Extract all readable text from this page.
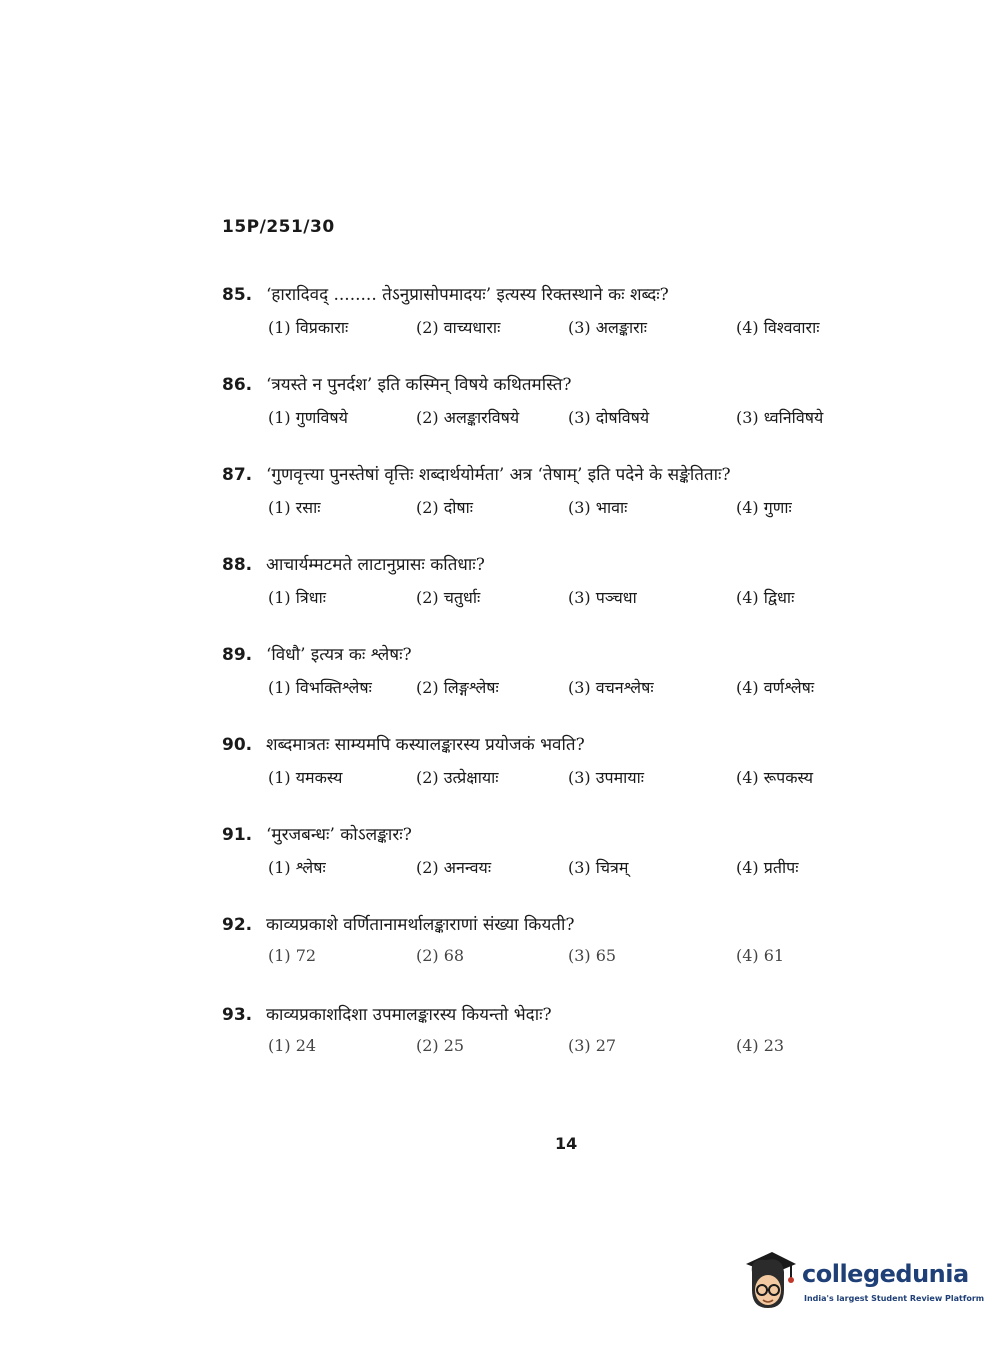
15P/251/30
85. ‘हारादिवद् ........ तेऽनुप्रासोपमादयः’ इत्यस्य रिक्तस्थाने कः शब्दः?
(1) विप्रकाराः	(2) वाच्यधाराः	(3) अलङ्काराः	(4) विश्ववाराः
86. ‘त्रयस्ते न पुनर्दश’ इति कस्मिन् विषये कथितमस्ति?
(1) गुणविषये	(2) अलङ्कारविषये	(3) दोषविषये	(3) ध्वनिविषये
87. ‘गुणवृत्त्या पुनस्तेषां वृत्तिः शब्दार्थयोर्मता’ अत्र ‘तेषाम्’ इति पदेने के सङ्केतिताः?
(1) रसाः	(2) दोषाः	(3) भावाः	(4) गुणाः
88. आचार्यम्मटमते लाटानुप्रासः कतिधाः?
(1) त्रिधाः	(2) चतुर्धाः	(3) पञ्चधा	(4) द्विधाः
89. ‘विधौ’ इत्यत्र कः श्लेषः?
(1) विभक्तिश्लेषः	(2) लिङ्गश्लेषः	(3) वचनश्लेषः	(4) वर्णश्लेषः
90. शब्दमात्रतः साम्यमपि कस्यालङ्कारस्य प्रयोजकं भवति?
(1) यमकस्य	(2) उत्प्रेक्षायाः	(3) उपमायाः	(4) रूपकस्य
91. ‘मुरजबन्धः’ कोऽलङ्कारः?
(1) श्लेषः	(2) अनन्वयः	(3) चित्रम्	(4) प्रतीपः
92. काव्यप्रकाशे वर्णितानामर्थालङ्काराणां संख्या कियती?
(1) 72	(2) 68	(3) 65	(4) 61
93. काव्यप्रकाशदिशा उपमालङ्कारस्य कियन्तो भेदाः?
(1) 24	(2) 25	(3) 27	(4) 23
14
collegedunia
India's largest Student Review Platform
